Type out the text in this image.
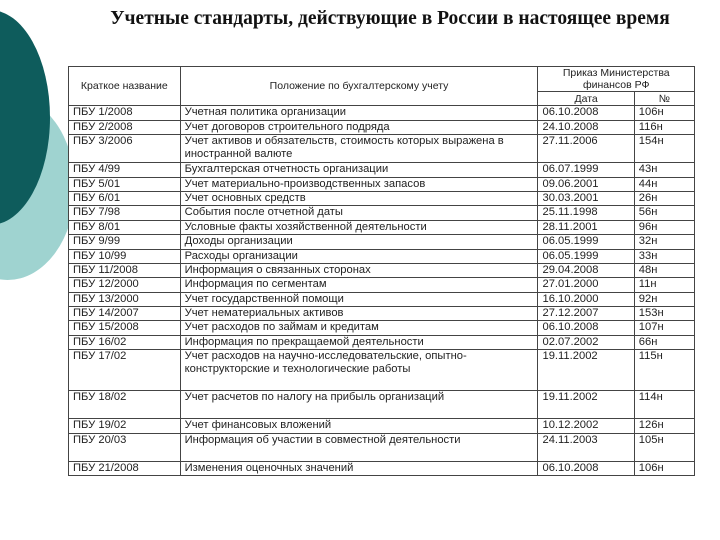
Учетные стандарты, действующие в России в настоящее время
Краткое название	Положение по бухгалтерскому учету	Приказ Министерства финансов РФ	
		Дата	№
ПБУ 1/2008	Учетная политика организации	06.10.2008	106н
ПБУ 2/2008	Учет договоров строительного подряда	24.10.2008	116н
ПБУ 3/2006	Учет активов и обязательств, стоимость которых выражена в иностранной валюте	27.11.2006	154н
ПБУ 4/99	Бухгалтерская отчетность организации	06.07.1999	43н
ПБУ 5/01	Учет материально-производственных запасов	09.06.2001	44н
ПБУ 6/01	Учет основных средств	30.03.2001	26н
ПБУ 7/98	События после отчетной даты	25.11.1998	56н
ПБУ 8/01	Условные факты хозяйственной деятельности	28.11.2001	96н
ПБУ 9/99	Доходы организации	06.05.1999	32н
ПБУ 10/99	Расходы организации	06.05.1999	33н
ПБУ 11/2008	Информация о связанных сторонах	29.04.2008	48н
ПБУ 12/2000	Информация по сегментам	27.01.2000	11н
ПБУ 13/2000	Учет государственной помощи	16.10.2000	92н
ПБУ 14/2007	Учет нематериальных активов	27.12.2007	153н
ПБУ 15/2008	Учет расходов по займам и кредитам	06.10.2008	107н
ПБУ 16/02	Информация по прекращаемой деятельности	02.07.2002	66н
ПБУ 17/02	Учет расходов на научно-исследовательские, опытно-конструкторские и технологические работы	19.11.2002	115н
ПБУ 18/02	Учет расчетов по налогу на прибыль организаций	19.11.2002	114н
ПБУ 19/02	Учет финансовых вложений	10.12.2002	126н
ПБУ 20/03	Информация об участии в совместной деятельности	24.11.2003	105н
ПБУ 21/2008	Изменения оценочных значений	06.10.2008	106н
